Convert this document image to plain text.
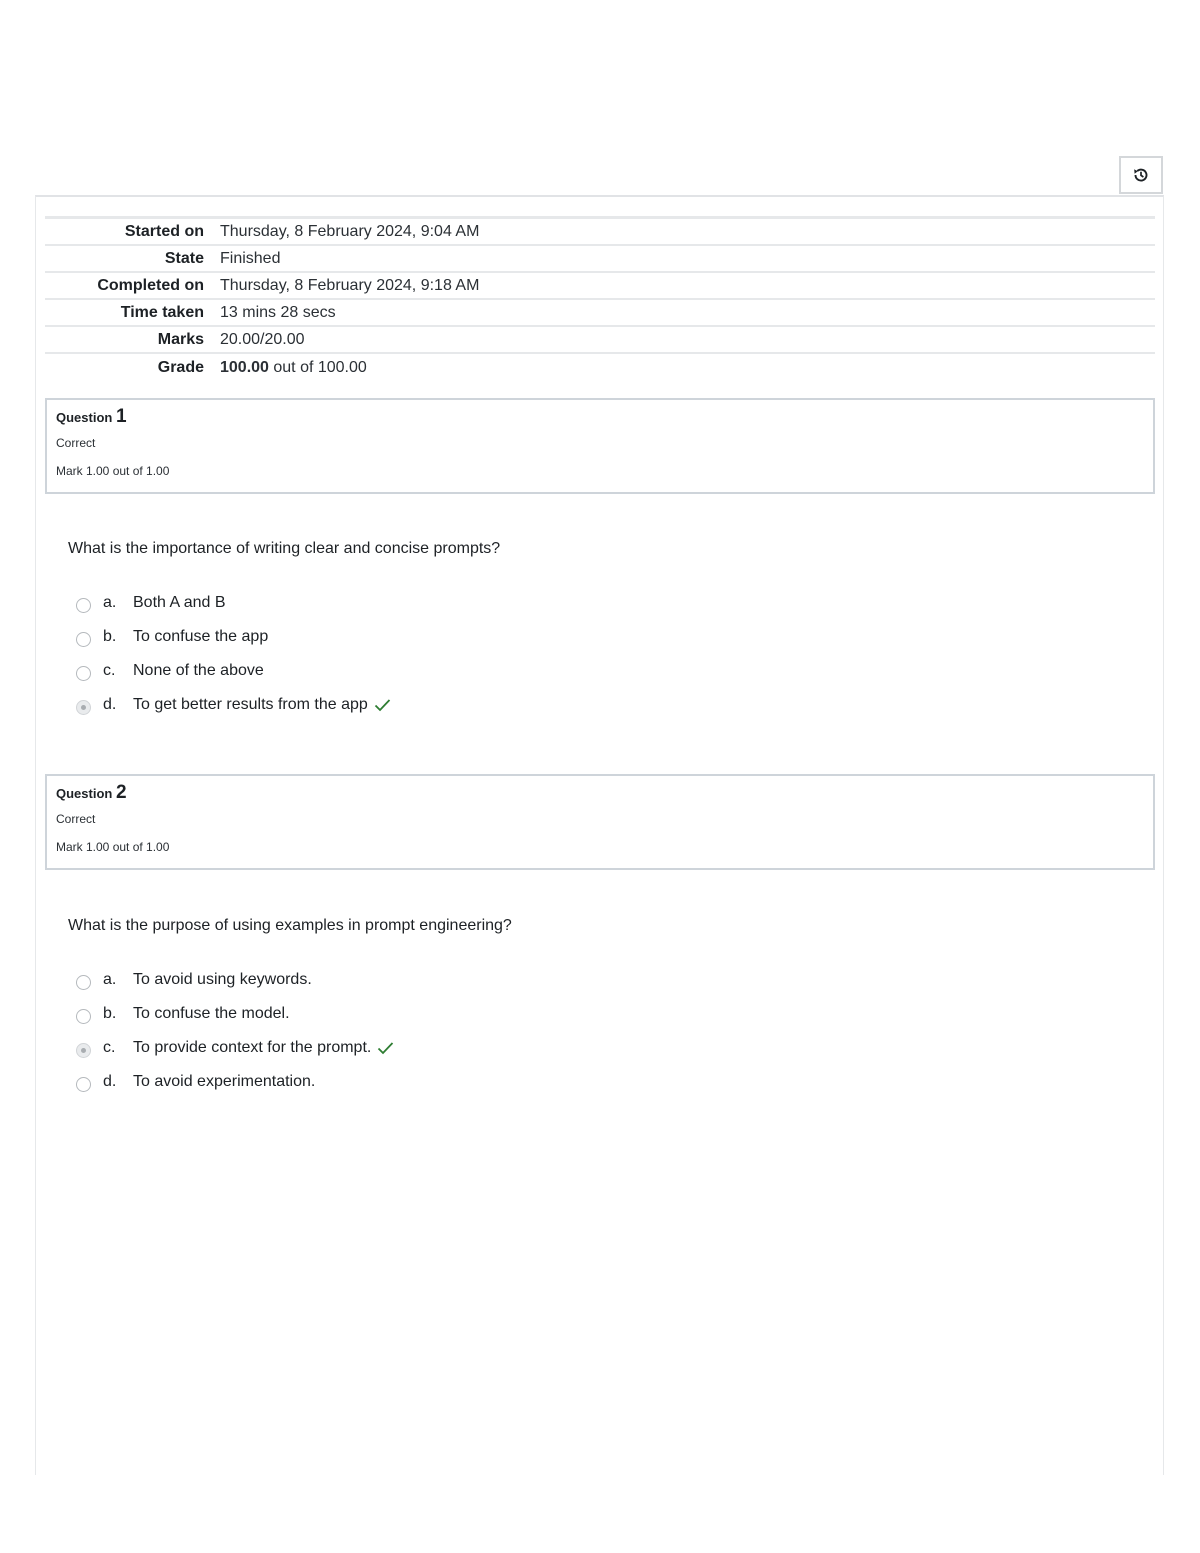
Started on	Thursday, 8 February 2024, 9:04 AM
State	Finished
Completed on	Thursday, 8 February 2024, 9:18 AM
Time taken	13 mins 28 secs
Marks	20.00/20.00
Grade	100.00 out of 100.00
Question 1
Correct
Mark 1.00 out of 1.00
What is the importance of writing clear and concise prompts?
a.	Both A and B
b.	To confuse the app
c.	None of the above
d.	To get better results from the app
Question 2
Correct
Mark 1.00 out of 1.00
What is the purpose of using examples in prompt engineering?
a.	To avoid using keywords.
b.	To confuse the model.
c.	To provide context for the prompt.
d.	To avoid experimentation.
